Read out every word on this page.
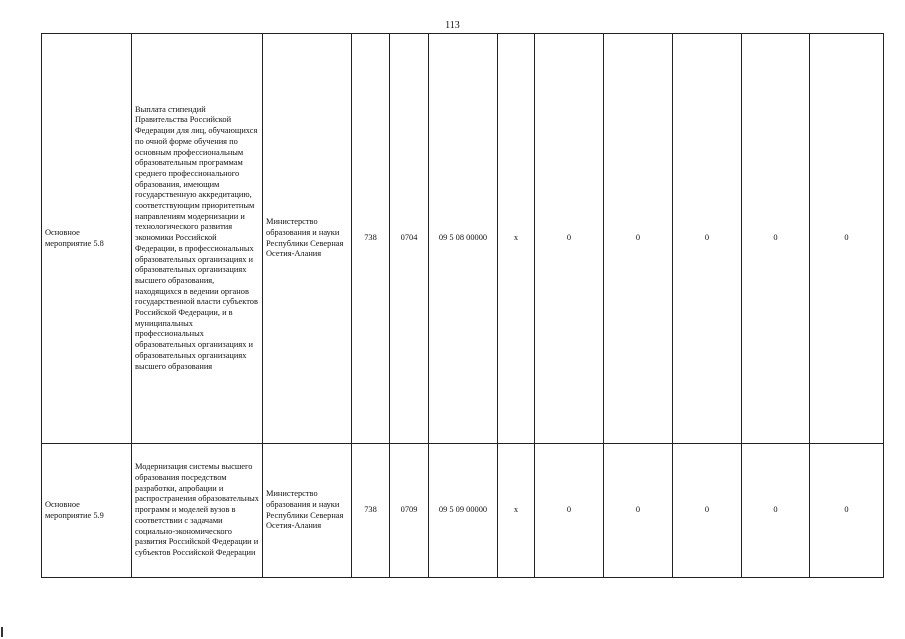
113
Основное мероприятие 5.8	Выплата стипендий Правительства Российской Федерации для лиц, обучающихся по очной форме обучения по основным профессиональным образовательным программам среднего профессионального образования, имеющим государственную аккредитацию, соответствующим приоритетным направлениям модернизации и технологического развития экономики Российской Федерации, в профессиональных образовательных организациях и образовательных организациях высшего образования, находящихся в ведении органов государственной власти субъектов Российской Федерации, и в муниципальных профессиональных образовательных организациях и образовательных организациях высшего образования	Министерство образования и науки Республики Северная Осетия-Алания	738	0704	09 5 08 00000	x	0	0	0	0	0
Основное мероприятие 5.9	Модернизация системы высшего образования посредством разработки, апробации и распространения образовательных программ и моделей вузов в соответствии с задачами социально-экономического развития Российской Федерации и субъектов Российской Федерации	Министерство образования и науки Республики Северная Осетия-Алания	738	0709	09 5 09 00000	x	0	0	0	0	0
